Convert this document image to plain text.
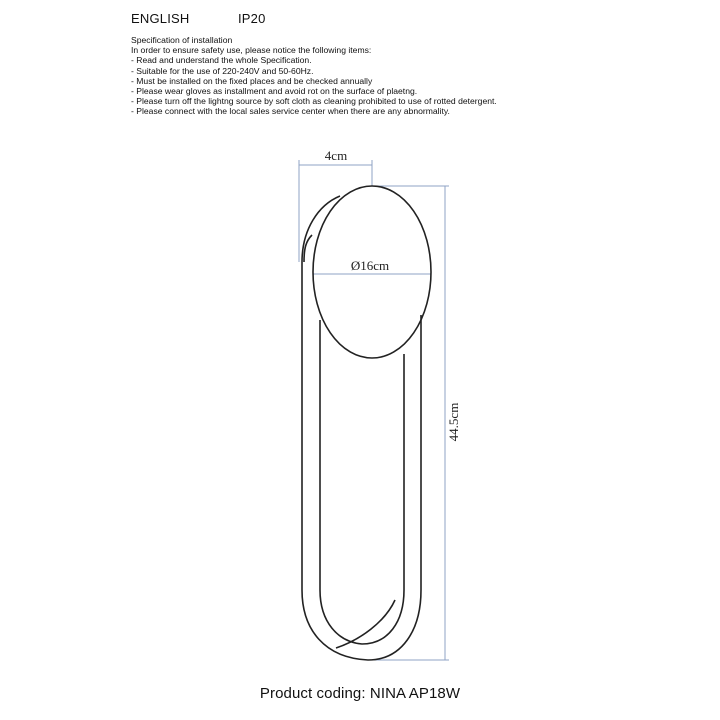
ENGLISH	IP20
Specification of installation
In order to ensure safety use, please notice the following items:
- Read and understand the whole Specification.
- Suitable for the use of 220-240V and 50-60Hz.
- Must be installed on the fixed places and be checked annually
- Please wear gloves as installment and avoid rot on the surface of plaetng.
- Please turn off the lightng source by soft cloth as cleaning prohibited to use of rotted detergent.
- Please connect with the local sales service center when there are any abnormality.
4cm
Ø16cm
44.5cm
Product coding: NINA AP18W
